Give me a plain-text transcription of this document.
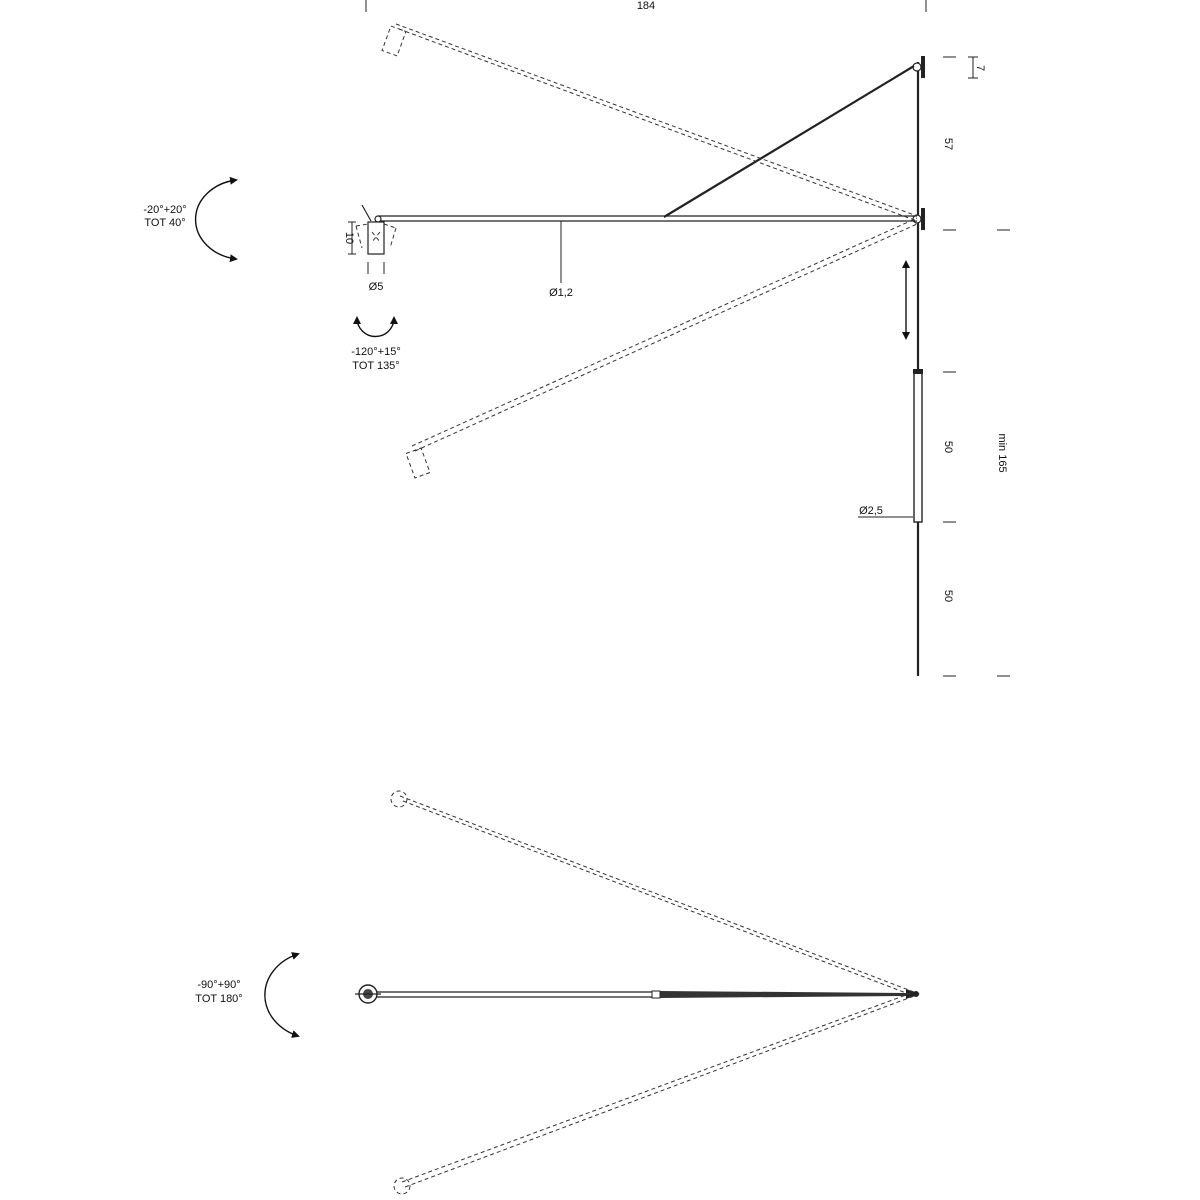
184
10
Ø5	Ø1,2
7
57
50
50
min 165
Ø2,5
-20°+20°
TOT 40°
-120°+15°
TOT 135°
-90°+90°
TOT 180°
